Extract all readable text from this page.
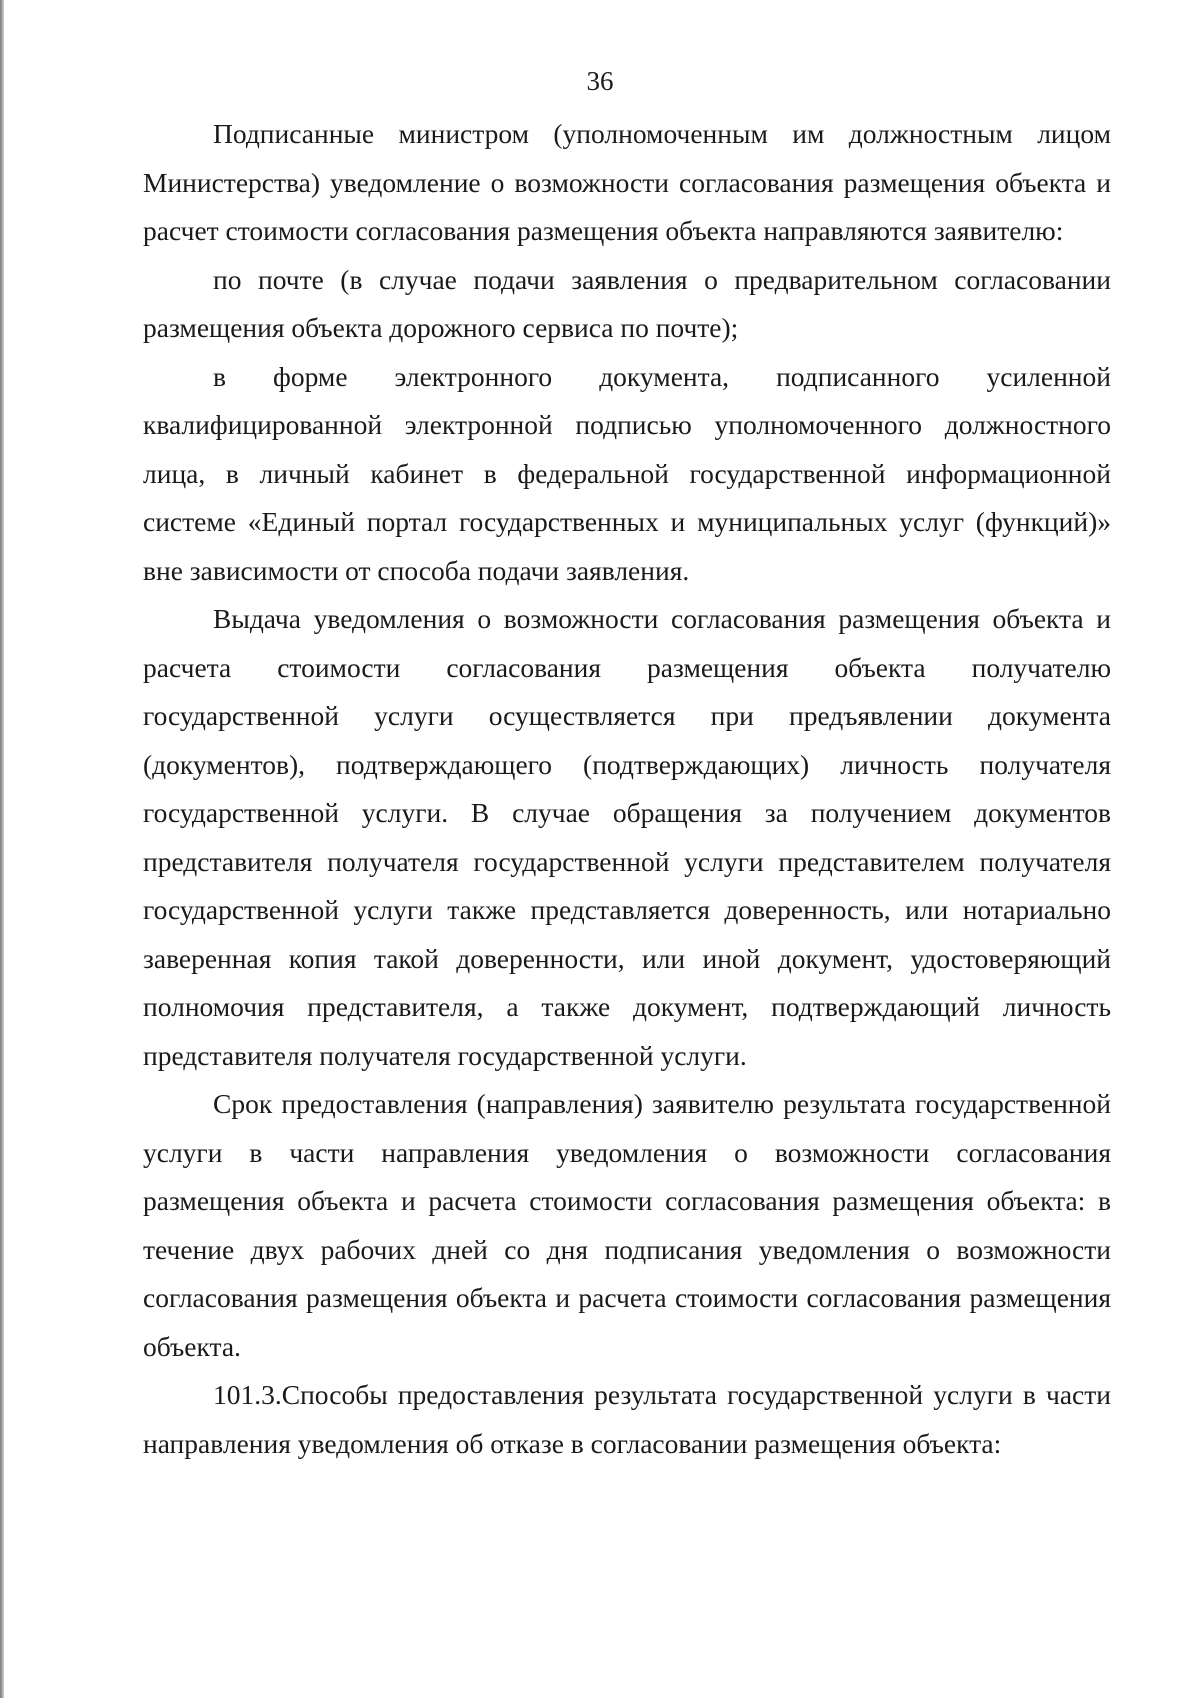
36

Подписанные министром (уполномоченным им должностным лицом Министерства) уведомление о возможности согласования размещения объекта и расчет стоимости согласования размещения объекта направляются заявителю:

по почте (в случае подачи заявления о предварительном согласовании размещения объекта дорожного сервиса по почте);

в форме электронного документа, подписанного усиленной квалифицированной электронной подписью уполномоченного должностного лица, в личный кабинет в федеральной государственной информационной системе «Единый портал государственных и муниципальных услуг (функций)» вне зависимости от способа подачи заявления.

Выдача уведомления о возможности согласования размещения объекта и расчета стоимости согласования размещения объекта получателю государственной услуги осуществляется при предъявлении документа (документов), подтверждающего (подтверждающих) личность получателя государственной услуги. В случае обращения за получением документов представителя получателя государственной услуги представителем получателя государственной услуги также представляется доверенность, или нотариально заверенная копия такой доверенности, или иной документ, удостоверяющий полномочия представителя, а также документ, подтверждающий личность представителя получателя государственной услуги.

Срок предоставления (направления) заявителю результата государственной услуги в части направления уведомления о возможности согласования размещения объекта и расчета стоимости согласования размещения объекта: в течение двух рабочих дней со дня подписания уведомления о возможности согласования размещения объекта и расчета стоимости согласования размещения объекта.

101.3.Способы предоставления результата государственной услуги в части направления уведомления об отказе в согласовании размещения объекта:
